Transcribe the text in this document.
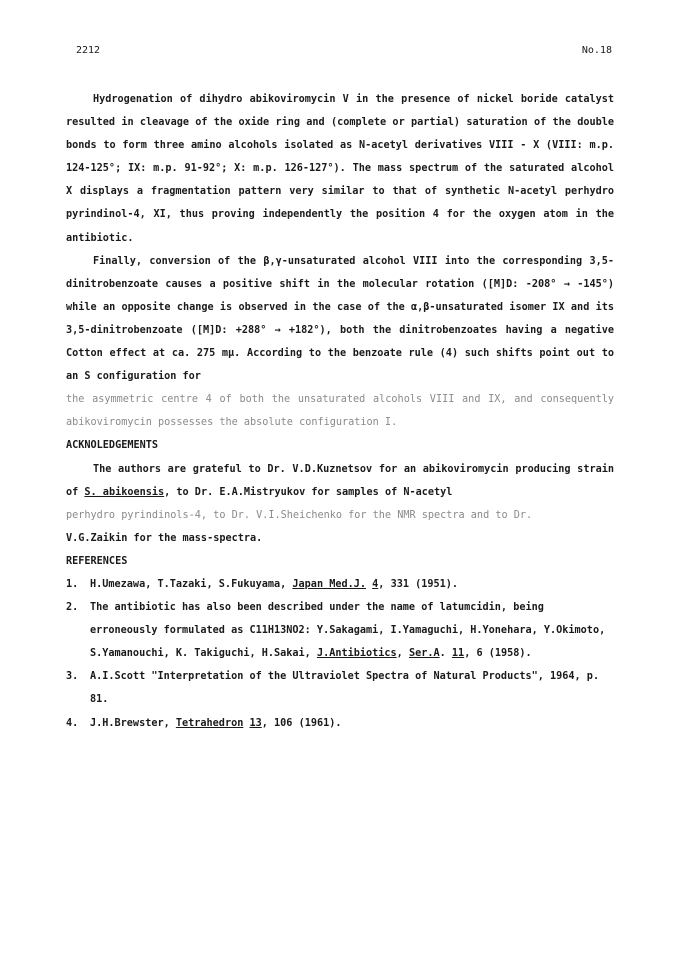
2212	No.18

Hydrogenation of dihydro abikoviromycin V in the presence of nickel boride catalyst resulted in cleavage of the oxide ring and (complete or partial) saturation of the double bonds to form three amino alcohols isolated as N-acetyl derivatives VIII - X (VIII: m.p. 124-125°; IX: m.p. 91-92°; X: m.p. 126-127°). The mass spectrum of the saturated alcohol X displays a fragmentation pattern very similar to that of synthetic N-acetyl perhydro pyrindinol-4, XI, thus proving independently the position 4 for the oxygen atom in the antibiotic.

Finally, conversion of the β,γ-unsaturated alcohol VIII into the corresponding 3,5-dinitrobenzoate causes a positive shift in the molecular rotation ([M]D: -208° → -145°) while an opposite change is observed in the case of the α,β-unsaturated isomer IX and its 3,5-dinitrobenzoate ([M]D: +288° → +182°), both the dinitrobenzoates having a negative Cotton effect at ca. 275 mμ. According to the benzoate rule (4) such shifts point out to an S configuration for

the asymmetric centre 4 of both the unsaturated alcohols VIII and IX, and consequently abikoviromycin possesses the absolute configuration I.

ACKNOLEDGEMENTS

The authors are grateful to Dr. V.D.Kuznetsov for an abikoviromycin producing strain of S. abikoensis, to Dr. E.A.Mistryukov for samples of N-acetyl

perhydro pyrindinols-4, to Dr. V.I.Sheichenko for the NMR spectra and to Dr.

V.G.Zaikin for the mass-spectra.

REFERENCES

1. H.Umezawa, T.Tazaki, S.Fukuyama, Japan Med.J. 4, 331 (1951).
2. The antibiotic has also been described under the name of latumcidin, being erroneously formulated as C11H13NO2: Y.Sakagami, I.Yamaguchi, H.Yonehara, Y.Okimoto, S.Yamanouchi, K. Takiguchi, H.Sakai, J.Antibiotics, Ser.A. 11, 6 (1958).
3. A.I.Scott "Interpretation of the Ultraviolet Spectra of Natural Products", 1964, p. 81.
4. J.H.Brewster, Tetrahedron 13, 106 (1961).
